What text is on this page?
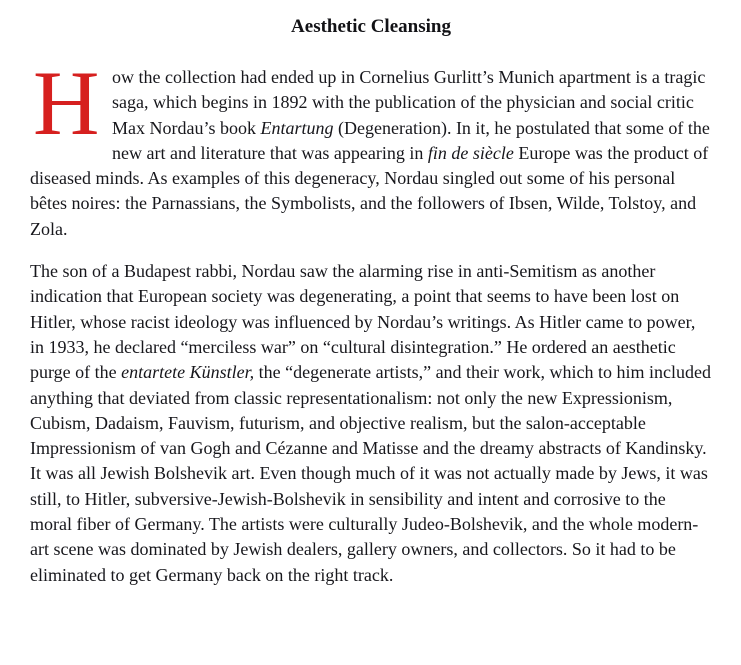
Aesthetic Cleansing

How the collection had ended up in Cornelius Gurlitt’s Munich apartment is a tragic saga, which begins in 1892 with the publication of the physician and social critic Max Nordau’s book Entartung (Degeneration). In it, he postulated that some of the new art and literature that was appearing in fin de siècle Europe was the product of diseased minds. As examples of this degeneracy, Nordau singled out some of his personal bêtes noires: the Parnassians, the Symbolists, and the followers of Ibsen, Wilde, Tolstoy, and Zola.

The son of a Budapest rabbi, Nordau saw the alarming rise in anti-Semitism as another indication that European society was degenerating, a point that seems to have been lost on Hitler, whose racist ideology was influenced by Nordau’s writings. As Hitler came to power, in 1933, he declared “merciless war” on “cultural disintegration.” He ordered an aesthetic purge of the entartete Künstler, the “degenerate artists,” and their work, which to him included anything that deviated from classic representationalism: not only the new Expressionism, Cubism, Dadaism, Fauvism, futurism, and objective realism, but the salon-acceptable Impressionism of van Gogh and Cézanne and Matisse and the dreamy abstracts of Kandinsky. It was all Jewish Bolshevik art. Even though much of it was not actually made by Jews, it was still, to Hitler, subversive-Jewish-Bolshevik in sensibility and intent and corrosive to the moral fiber of Germany. The artists were culturally Judeo-Bolshevik, and the whole modern-art scene was dominated by Jewish dealers, gallery owners, and collectors. So it had to be eliminated to get Germany back on the right track.
